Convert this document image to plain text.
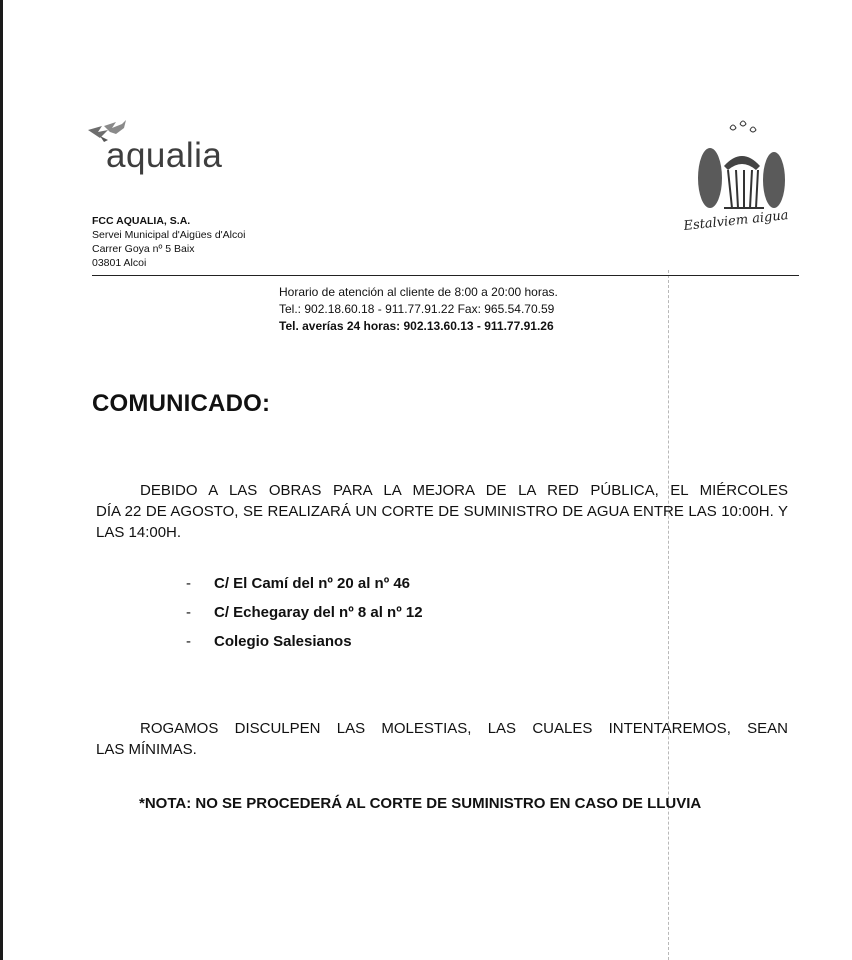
aqualia
FCC AQUALIA, S.A.
Servei Municipal d'Aigües d'Alcoi
Carrer Goya nº 5 Baix
03801 Alcoi
Estalviem aigua
Horario de atención al cliente de 8:00 a 20:00 horas.
Tel.: 902.18.60.18 - 911.77.91.22 Fax: 965.54.70.59
Tel. averías 24 horas: 902.13.60.13 - 911.77.91.26
COMUNICADO:
DEBIDO A LAS OBRAS PARA LA MEJORA DE LA RED PÚBLICA, EL MIÉRCOLES
DÍA 22 DE AGOSTO, SE REALIZARÁ UN CORTE DE SUMINISTRO DE AGUA ENTRE LAS 10:00H. Y LAS 14:00H.
- C/ El Camí del nº 20 al nº 46
- C/ Echegaray del nº 8 al nº 12
- Colegio Salesianos
ROGAMOS DISCULPEN LAS MOLESTIAS, LAS CUALES INTENTAREMOS, SEAN
LAS MÍNIMAS.
*NOTA: NO SE PROCEDERÁ AL CORTE DE SUMINISTRO EN CASO DE LLUVIA
